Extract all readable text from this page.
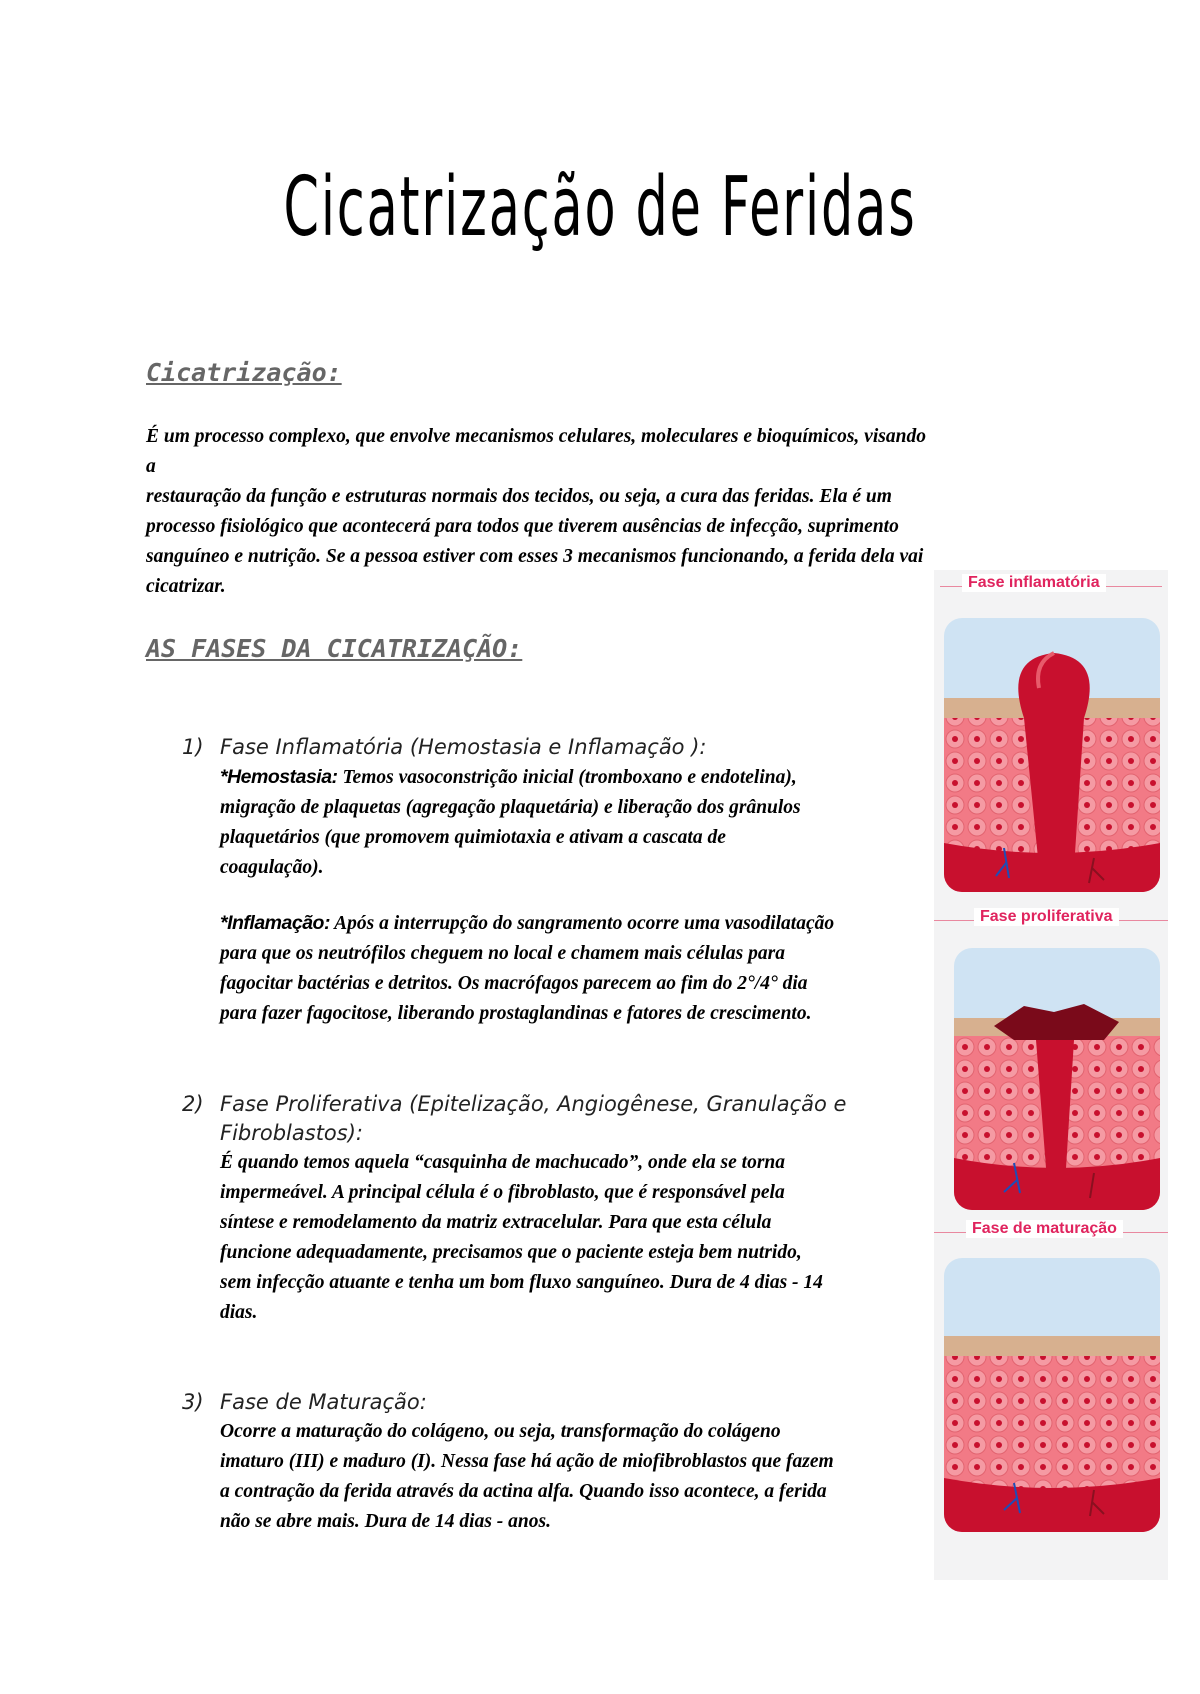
Cicatrização de Feridas
Cicatrização:
É um processo complexo, que envolve mecanismos celulares, moleculares e bioquímicos, visando a
restauração da função e estruturas normais dos tecidos, ou seja, a cura das feridas. Ela é um
processo fisiológico que acontecerá para todos que tiverem ausências de infecção, suprimento
sanguíneo e nutrição. Se a pessoa estiver com esses 3 mecanismos funcionando, a ferida dela vai
cicatrizar.
AS FASES DA CICATRIZAÇÃO:
1) Fase Inflamatória (Hemostasia e Inflamação ):
*Hemostasia: Temos vasoconstrição inicial (tromboxano e endotelina),
migração de plaquetas (agregação plaquetária) e liberação dos grânulos
plaquetários (que promovem quimiotaxia e ativam a cascata de
coagulação).
*Inflamação: Após a interrupção do sangramento ocorre uma vasodilatação
para que os neutrófilos cheguem no local e chamem mais células para
fagocitar bactérias e detritos. Os macrófagos parecem ao fim do 2°/4° dia
para fazer fagocitose, liberando prostaglandinas e fatores de crescimento.
2) Fase Proliferativa (Epitelização, Angiogênese, Granulação e
Fibroblastos):
É quando temos aquela “casquinha de machucado”, onde ela se torna
impermeável. A principal célula é o fibroblasto, que é responsável pela
síntese e remodelamento da matriz extracelular. Para que esta célula
funcione adequadamente, precisamos que o paciente esteja bem nutrido,
sem infecção atuante e tenha um bom fluxo sanguíneo. Dura de 4 dias - 14
dias.
3) Fase de Maturação:
Ocorre a maturação do colágeno, ou seja, transformação do colágeno
imaturo (III) e maduro (I). Nessa fase há ação de miofibroblastos que fazem
a contração da ferida através da actina alfa. Quando isso acontece, a ferida
não se abre mais. Dura de 14 dias - anos.
Fase inflamatória
Fase proliferativa
Fase de maturação
